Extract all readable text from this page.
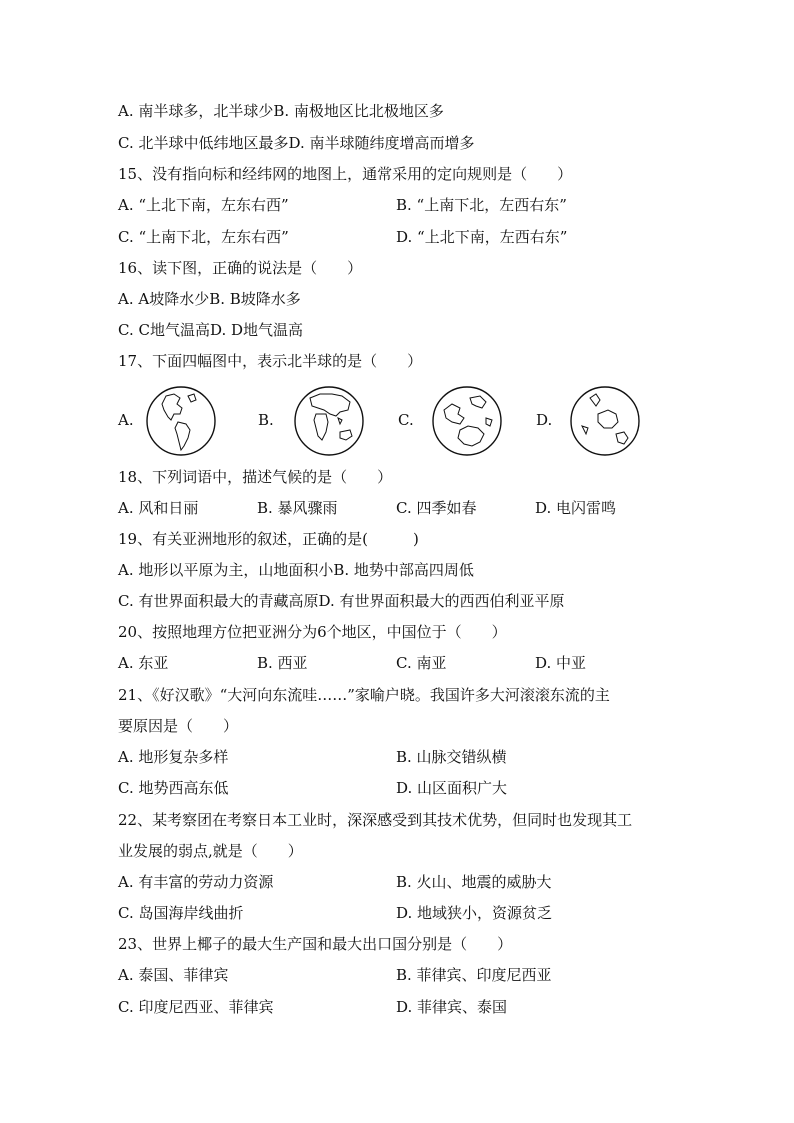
A. 南半球多，北半球少B. 南极地区比北极地区多
C. 北半球中低纬地区最多D. 南半球随纬度增高而增多
15、没有指向标和经纬网的地图上，通常采用的定向规则是（　　）
A. “上北下南，左东右西”	B. “上南下北，左西右东”
C. “上南下北，左东右西”	D. “上北下南，左西右东”
16、读下图，正确的说法是（　　）
A. A坡降水少B. B坡降水多
C. C地气温高D. D地气温高
17、下面四幅图中，表示北半球的是（　　）
A.	B.	C.	D.
18、下列词语中，描述气候的是（　　）
A. 风和日丽	B. 暴风骤雨	C. 四季如春	D. 电闪雷鸣
19、有关亚洲地形的叙述，正确的是(　　　)
A. 地形以平原为主，山地面积小B. 地势中部高四周低
C. 有世界面积最大的青藏高原D. 有世界面积最大的西西伯利亚平原
20、按照地理方位把亚洲分为6个地区，中国位于（　　）
A. 东亚	B. 西亚	C. 南亚	D. 中亚
21、《好汉歌》“大河向东流哇……”家喻户晓。我国许多大河滚滚东流的主
要原因是（　　）
A. 地形复杂多样	B. 山脉交错纵横
C. 地势西高东低	D. 山区面积广大
22、某考察团在考察日本工业时，深深感受到其技术优势，但同时也发现其工
业发展的弱点,就是（　　）
A. 有丰富的劳动力资源	B. 火山、地震的威胁大
C. 岛国海岸线曲折	D. 地域狭小，资源贫乏
23、世界上椰子的最大生产国和最大出口国分别是（　　）
A. 泰国、菲律宾	B. 菲律宾、印度尼西亚
C. 印度尼西亚、菲律宾	D. 菲律宾、泰国
